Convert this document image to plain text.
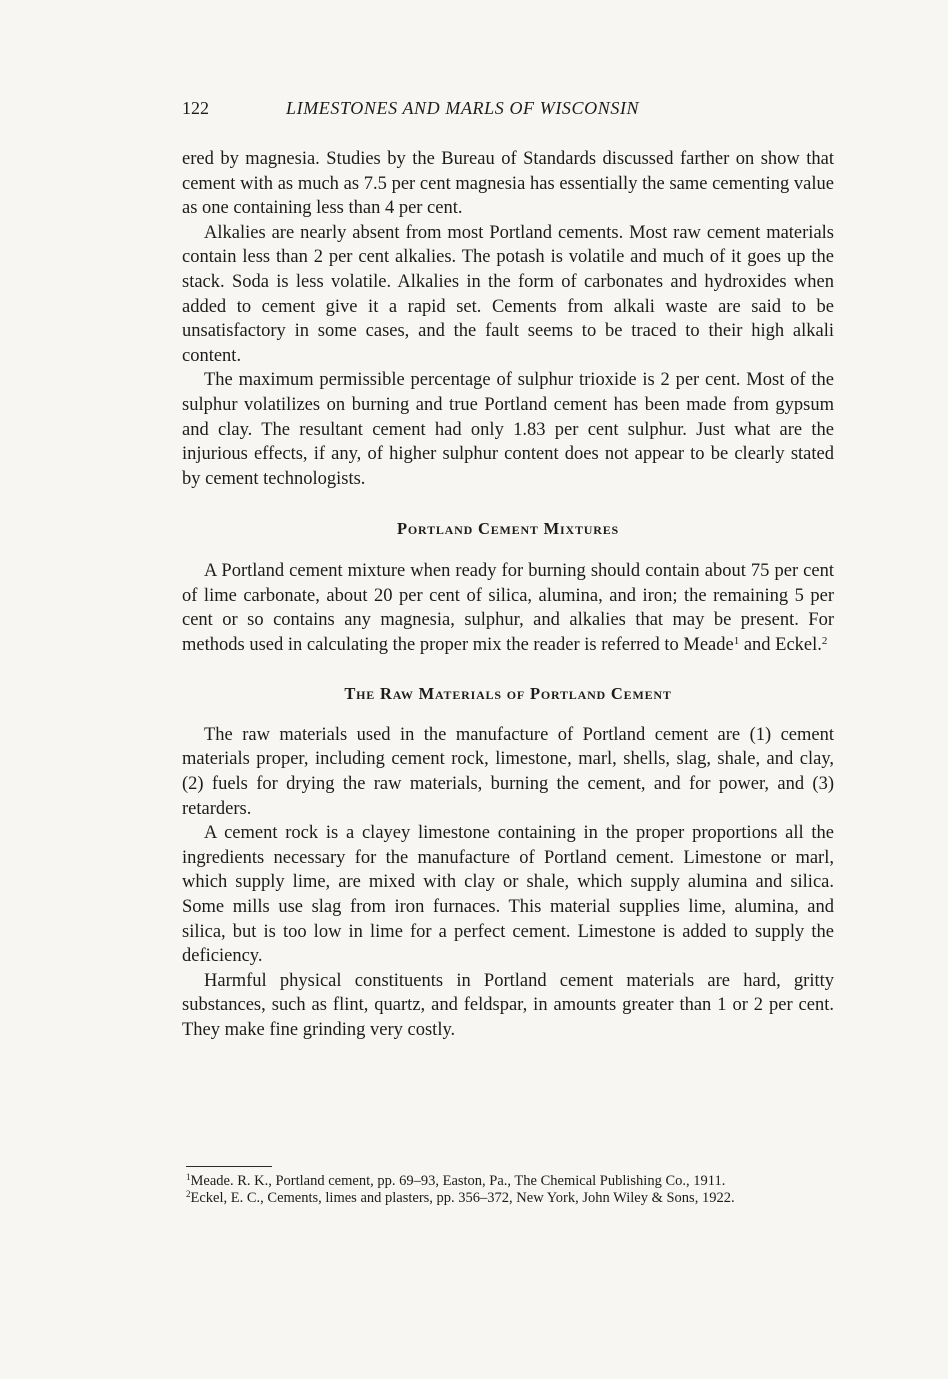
122	LIMESTONES AND MARLS OF WISCONSIN

ered by magnesia. Studies by the Bureau of Standards discussed farther on show that cement with as much as 7.5 per cent magnesia has essentially the same cementing value as one containing less than 4 per cent.

Alkalies are nearly absent from most Portland cements. Most raw cement materials contain less than 2 per cent alkalies. The potash is volatile and much of it goes up the stack. Soda is less volatile. Alkalies in the form of carbonates and hydroxides when added to cement give it a rapid set. Cements from alkali waste are said to be unsatisfactory in some cases, and the fault seems to be traced to their high alkali content.

The maximum permissible percentage of sulphur trioxide is 2 per cent. Most of the sulphur volatilizes on burning and true Portland cement has been made from gypsum and clay. The resultant cement had only 1.83 per cent sulphur. Just what are the injurious effects, if any, of higher sulphur content does not appear to be clearly stated by cement technologists.

Portland Cement Mixtures

A Portland cement mixture when ready for burning should contain about 75 per cent of lime carbonate, about 20 per cent of silica, alumina, and iron; the remaining 5 per cent or so contains any magnesia, sulphur, and alkalies that may be present. For methods used in calculating the proper mix the reader is referred to Meade$^1$ and Eckel.$^2$

The Raw Materials of Portland Cement

The raw materials used in the manufacture of Portland cement are (1) cement materials proper, including cement rock, limestone, marl, shells, slag, shale, and clay, (2) fuels for drying the raw materials, burning the cement, and for power, and (3) retarders.

A cement rock is a clayey limestone containing in the proper proportions all the ingredients necessary for the manufacture of Portland cement. Limestone or marl, which supply lime, are mixed with clay or shale, which supply alumina and silica. Some mills use slag from iron furnaces. This material supplies lime, alumina, and silica, but is too low in lime for a perfect cement. Limestone is added to supply the deficiency.

Harmful physical constituents in Portland cement materials are hard, gritty substances, such as flint, quartz, and feldspar, in amounts greater than 1 or 2 per cent. They make fine grinding very costly.

$^1$Meade. R. K., Portland cement, pp. 69–93, Easton, Pa., The Chemical Publishing Co., 1911.

$^2$Eckel, E. C., Cements, limes and plasters, pp. 356–372, New York, John Wiley & Sons, 1922.
